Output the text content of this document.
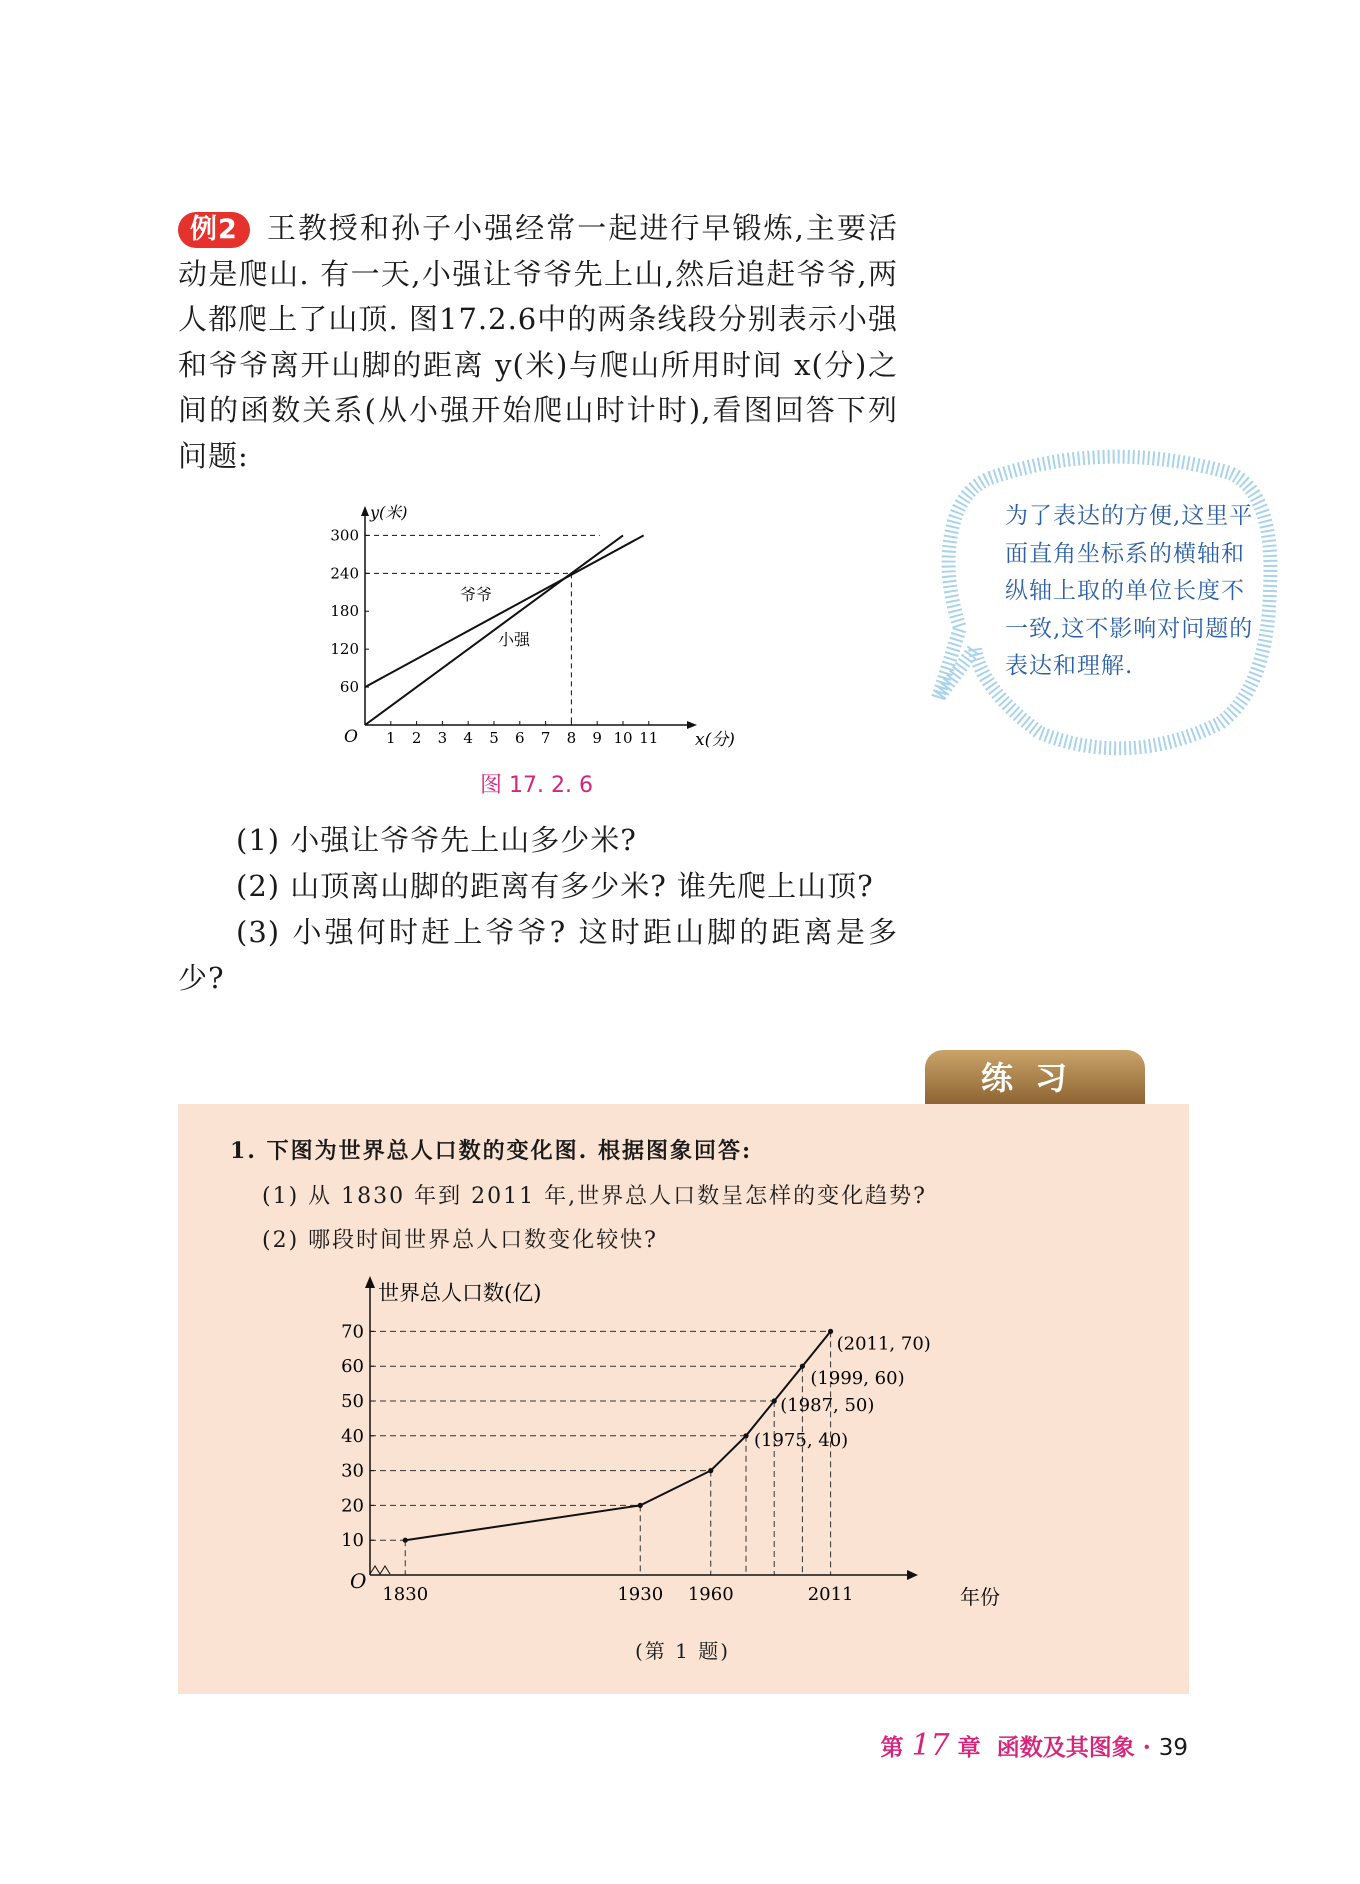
例2 王教授和孙子小强经常一起进行早锻炼,主要活动是爬山. 有一天,小强让爷爷先上山,然后追赶爷爷,两人都爬上了山顶. 图17.2.6中的两条线段分别表示小强和爷爷离开山脚的距离 y(米)与爬山所用时间 x(分)之间的函数关系(从小强开始爬山时计时),看图回答下列问题:
1 2 3 4 5 6 7 8 9 10 11
60
120
180
240
300
y(米)
x(分)
O
爷爷
小强
图 17. 2. 6
为了表达的方便,这里平面直角坐标系的横轴和纵轴上取的单位长度不一致,这不影响对问题的表达和理解.
(1) 小强让爷爷先上山多少米?
(2) 山顶离山脚的距离有多少米? 谁先爬上山顶?
(3) 小强何时赶上爷爷? 这时距山脚的距离是多少?
练习
1. 下图为世界总人口数的变化图. 根据图象回答:
(1) 从 1830 年到 2011 年,世界总人口数呈怎样的变化趋势?
(2) 哪段时间世界总人口数变化较快?
(1975, 40)
(1987, 50)
(1999, 60)
(2011, 70)
1830	1930 1960	2011
10
20
30
40
50
60
70
世界总人口数(亿)
年份
O
(第 1 题)
第 17 章 函数及其图象 · 39
